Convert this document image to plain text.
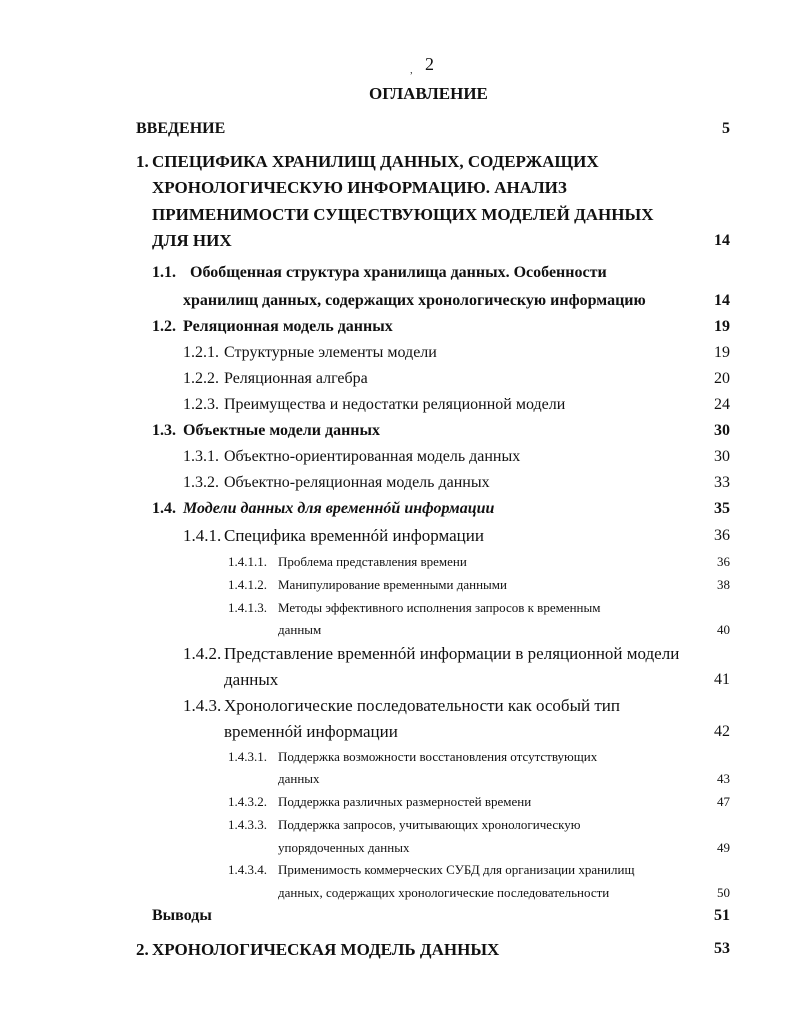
, 2
ОГЛАВЛЕНИЕ
ВВЕДЕНИЕ	5
1. СПЕЦИФИКА ХРАНИЛИЩ ДАННЫХ, СОДЕРЖАЩИХ
ХРОНОЛОГИЧЕСКУЮ ИНФОРМАЦИЮ. АНАЛИЗ
ПРИМЕНИМОСТИ СУЩЕСТВУЮЩИХ МОДЕЛЕЙ ДАННЫХ
ДЛЯ НИХ	14
1.1. Обобщенная структура хранилища данных. Особенности
хранилищ данных, содержащих хронологическую информацию	14
1.2. Реляционная модель данных	19
1.2.1. Структурные элементы модели	19
1.2.2. Реляционная алгебра	20
1.2.3. Преимущества и недостатки реляционной модели	24
1.3. Объектные модели данных	30
1.3.1. Объектно-ориентированная модель данных	30
1.3.2. Объектно-реляционная модель данных	33
1.4. Модели данных для временнóй информации	35
1.4.1. Специфика временнóй информации	36
1.4.1.1. Проблема представления времени	36
1.4.1.2. Манипулирование временными данными	38
1.4.1.3. Методы эффективного исполнения запросов к временным
данным	40
1.4.2. Представление временнóй информации в реляционной модели
данных	41
1.4.3. Хронологические последовательности как особый тип
временнóй информации	42
1.4.3.1. Поддержка возможности восстановления отсутствующих
данных	43
1.4.3.2. Поддержка различных размерностей времени	47
1.4.3.3. Поддержка запросов, учитывающих хронологическую
упорядоченных данных	49
1.4.3.4. Применимость коммерческих СУБД для организации хранилищ
данных, содержащих хронологические последовательности	50
Выводы	51
2. ХРОНОЛОГИЧЕСКАЯ МОДЕЛЬ ДАННЫХ	53
